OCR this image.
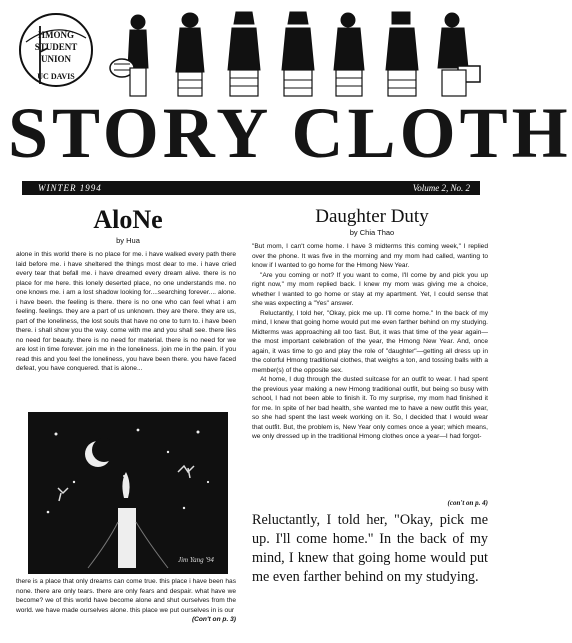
HMONG
STUDENT
UNION
UC DAVIS
STORY CLOTH
WINTER 1994	Volume 2, No. 2
AloNe
by Hua

alone in this world there is no place for me. i have walked every path there laid before me. i have sheltered the things most dear to me. i have cried every tear that befall me. i have dreamed every dream alive. there is no place for me here. this lonely deserted place, no one understands me. no one knows me. i am a lost shadow looking for....searching forever.... alone. i have been. the feeling is there. there is no one who can feel what i am feeling. feelings. they are a part of us unknown. they are there. they are us, part of the loneliness, the lost souls that have no one to turn to. i have been there. i shall show you the way. come with me and you shall see. there lies no need for beauty. there is no need for material. there is no need for we are lost in time forever. join me in the loneliness. join me in the pain. if you read this and you feel the loneliness, you have been there. you have faced defeat, you have conquered. that is alone...

Jim Yang '94

there is a place that only dreams can come true. this place i have been has none. there are only tears. there are only fears and despair. what have we become? we of this world have become alone and shut ourselves from the world. we have made ourselves alone. this place we put ourselves in is our

(Con't on p. 3)

Daughter Duty
by Chia Thao

"But mom, I can't come home. I have 3 midterms this coming week," I replied over the phone. It was five in the morning and my mom had called, wanting to know if I wanted to go home for the Hmong New Year.

"Are you coming or not? If you want to come, I'll come by and pick you up right now," my mom replied back. I knew my mom was giving me a choice, whether I wanted to go home or stay at my apartment. Yet, I could sense that she was expecting a "Yes" answer.

Reluctantly, I told her, "Okay, pick me up. I'll come home." In the back of my mind, I knew that going home would put me even farther behind on my studying. Midterms was approaching all too fast. But, it was that time of the year again—the most important celebration of the year, the Hmong New Year. And, once again, it was time to go and play the role of "daughter"—getting all dress up in the colorful Hmong traditional clothes, that weighs a ton, and tossing balls with a member(s) of the opposite sex.

At home, I dug through the dusted suitcase for an outfit to wear. I had spent the previous year making a new Hmong traditional outfit, but being so busy with school, I had not been able to finish it. To my surprise, my mom had finished it for me. In spite of her bad health, she wanted me to have a new outfit this year, so she had spent the last week working on it. So, I decided that I would wear that outfit. But, the problem is, New Year only comes once a year; which means, we only dressed up in the traditional Hmong clothes once a year—I had forgot-

(con't on p. 4)
Reluctantly, I told her, "Okay, pick me up. I'll come home." In the back of my mind, I knew that going home would put me even farther behind on my studying.
